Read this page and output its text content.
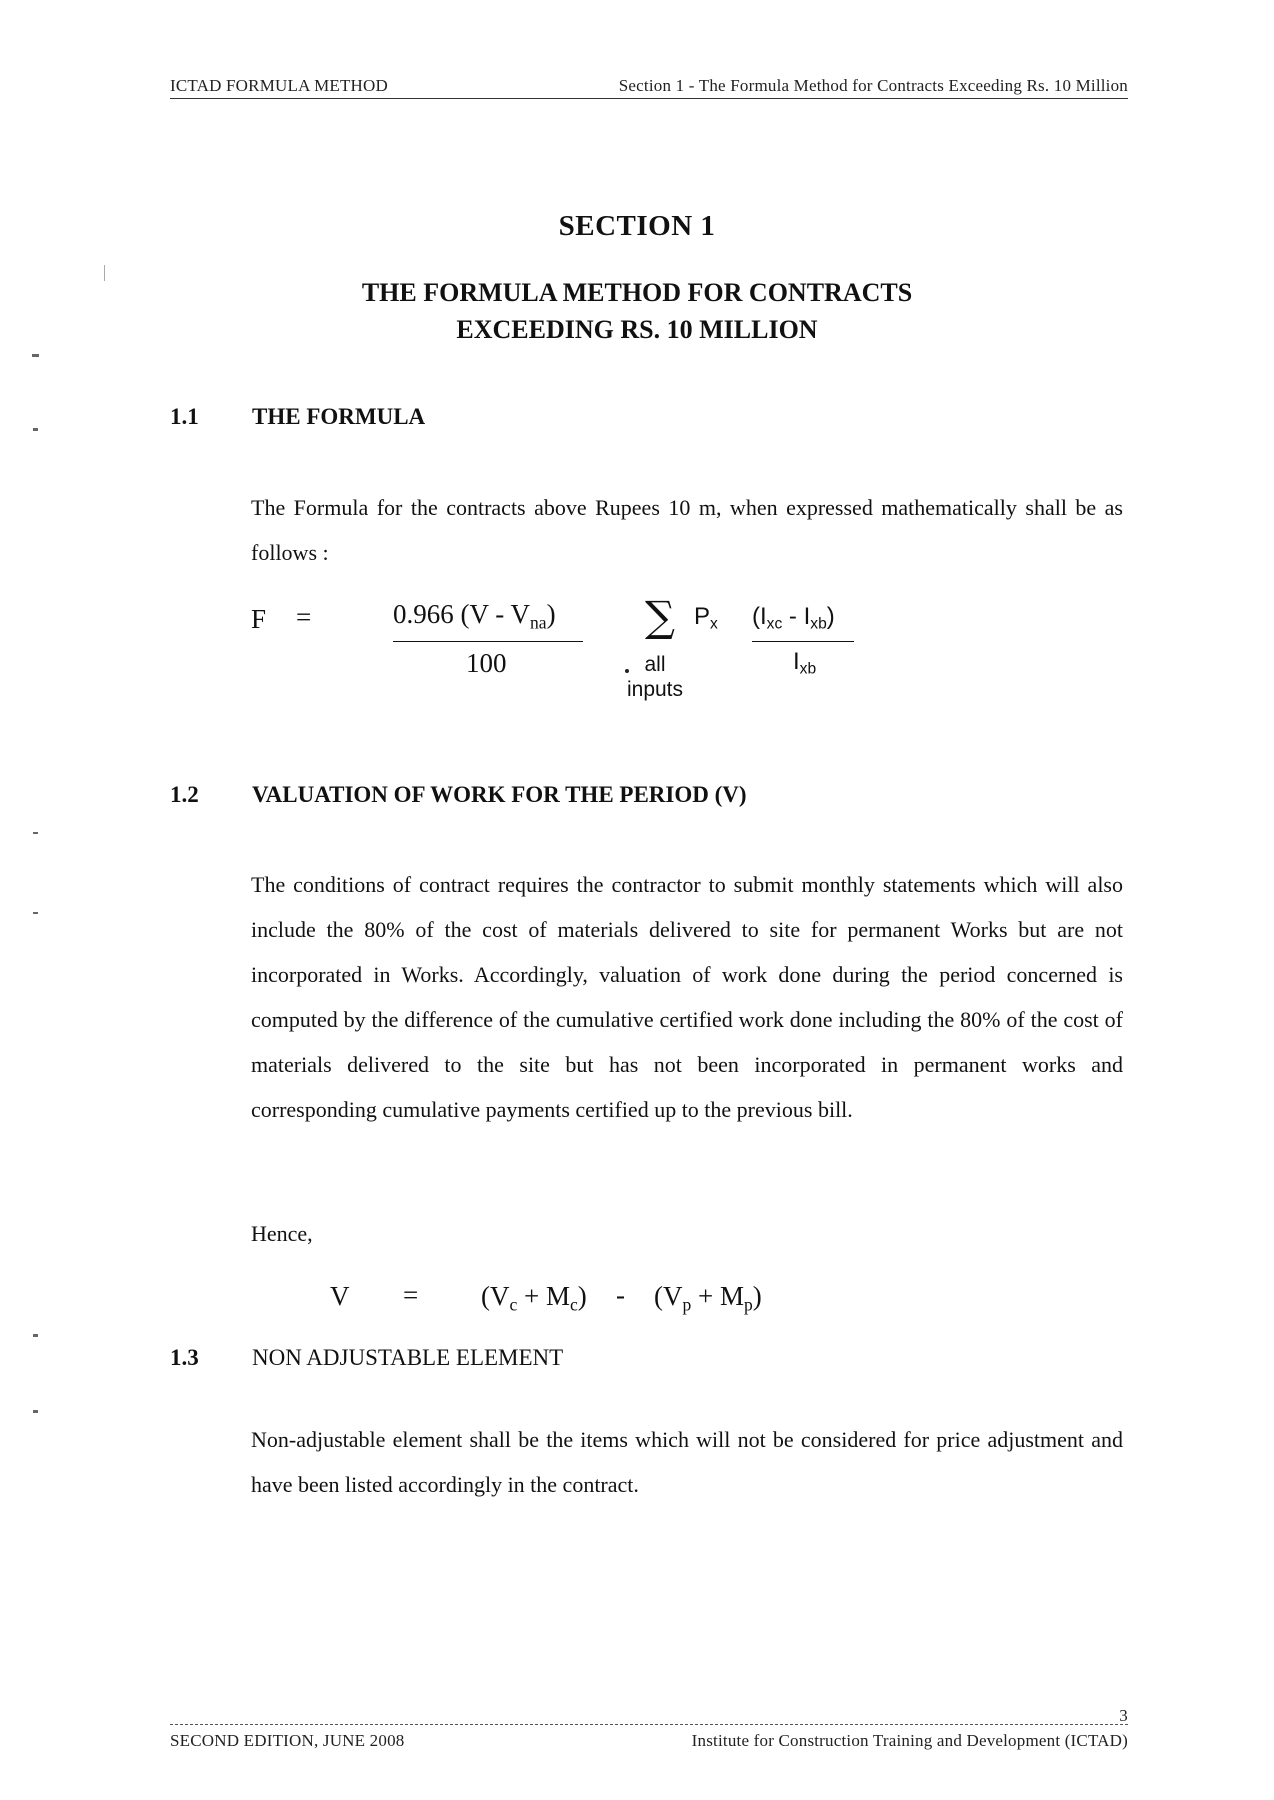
ICTAD FORMULA METHOD	Section 1 - The Formula Method for Contracts Exceeding Rs. 10 Million
SECTION 1
THE FORMULA METHOD FOR CONTRACTS
EXCEEDING RS. 10 MILLION
1.1 THE FORMULA
The Formula for the contracts above Rupees 10 m, when expressed mathematically shall be as follows :
F =	0.966 $(V - V_{na})$
100
∑ $P_x$
all
inputs
$(I_{xc} - I_{xb})$
$I_{xb}$
1.2 VALUATION OF WORK FOR THE PERIOD (V)
The conditions of contract requires the contractor to submit monthly statements which will also include the 80% of the cost of materials delivered to site for permanent Works but are not incorporated in Works. Accordingly, valuation of work done during the period concerned is computed by the difference of the cumulative certified work done including the 80% of the cost of materials delivered to the site but has not been incorporated in permanent works and corresponding cumulative payments certified up to the previous bill.
Hence,
$V = (V_c + M_c) - (V_p + M_p)$
1.3 NON ADJUSTABLE ELEMENT
Non-adjustable element shall be the items which will not be considered for price adjustment and have been listed accordingly in the contract.
3
SECOND EDITION, JUNE 2008	Institute for Construction Training and Development (ICTAD)
